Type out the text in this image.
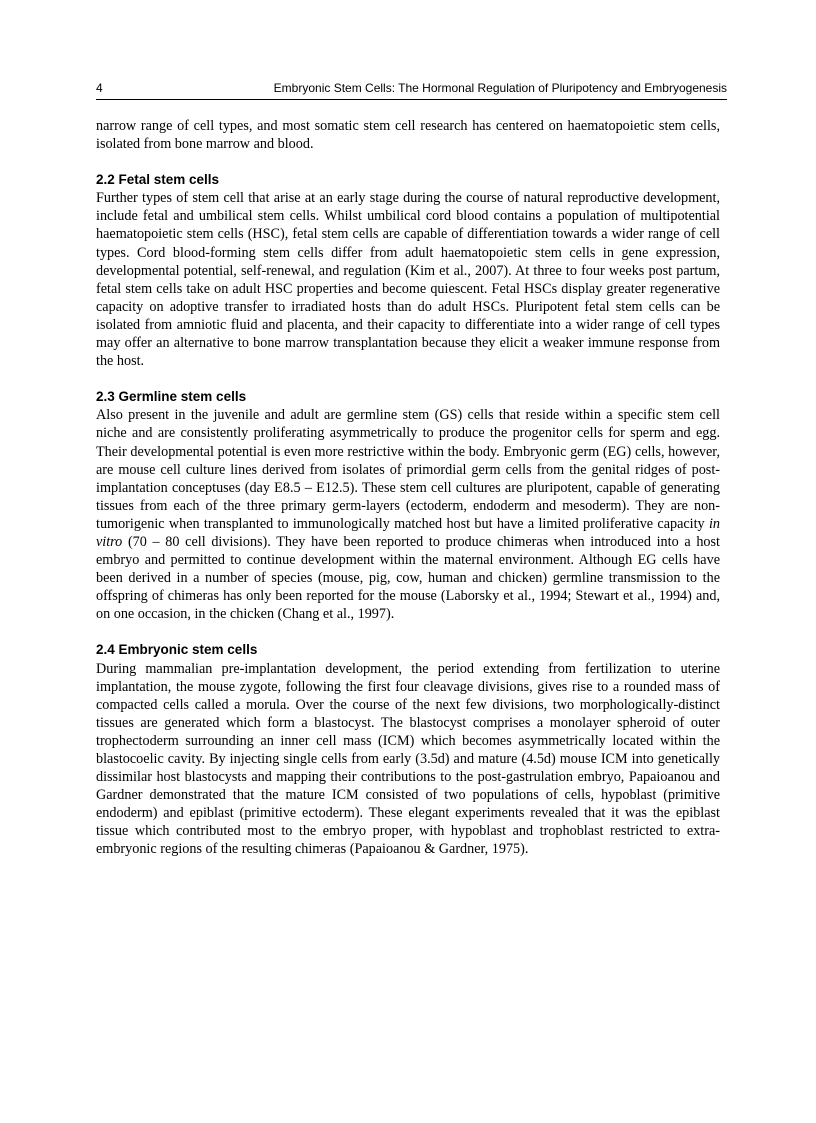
4	Embryonic Stem Cells: The Hormonal Regulation of Pluripotency and Embryogenesis

narrow range of cell types, and most somatic stem cell research has centered on haematopoietic stem cells, isolated from bone marrow and blood.

2.2 Fetal stem cells

Further types of stem cell that arise at an early stage during the course of natural reproductive development, include fetal and umbilical stem cells. Whilst umbilical cord blood contains a population of multipotential haematopoietic stem cells (HSC), fetal stem cells are capable of differentiation towards a wider range of cell types. Cord blood-forming stem cells differ from adult haematopoietic stem cells in gene expression, developmental potential, self-renewal, and regulation (Kim et al., 2007). At three to four weeks post partum, fetal stem cells take on adult HSC properties and become quiescent. Fetal HSCs display greater regenerative capacity on adoptive transfer to irradiated hosts than do adult HSCs. Pluripotent fetal stem cells can be isolated from amniotic fluid and placenta, and their capacity to differentiate into a wider range of cell types may offer an alternative to bone marrow transplantation because they elicit a weaker immune response from the host.

2.3 Germline stem cells

Also present in the juvenile and adult are germline stem (GS) cells that reside within a specific stem cell niche and are consistently proliferating asymmetrically to produce the progenitor cells for sperm and egg. Their developmental potential is even more restrictive within the body. Embryonic germ (EG) cells, however, are mouse cell culture lines derived from isolates of primordial germ cells from the genital ridges of post-implantation conceptuses (day E8.5 – E12.5). These stem cell cultures are pluripotent, capable of generating tissues from each of the three primary germ-layers (ectoderm, endoderm and mesoderm). They are non-tumorigenic when transplanted to immunologically matched host but have a limited proliferative capacity in vitro (70 – 80 cell divisions). They have been reported to produce chimeras when introduced into a host embryo and permitted to continue development within the maternal environment. Although EG cells have been derived in a number of species (mouse, pig, cow, human and chicken) germline transmission to the offspring of chimeras has only been reported for the mouse (Laborsky et al., 1994; Stewart et al., 1994) and, on one occasion, in the chicken (Chang et al., 1997).

2.4 Embryonic stem cells

During mammalian pre-implantation development, the period extending from fertilization to uterine implantation, the mouse zygote, following the first four cleavage divisions, gives rise to a rounded mass of compacted cells called a morula. Over the course of the next few divisions, two morphologically-distinct tissues are generated which form a blastocyst. The blastocyst comprises a monolayer spheroid of outer trophectoderm surrounding an inner cell mass (ICM) which becomes asymmetrically located within the blastocoelic cavity. By injecting single cells from early (3.5d) and mature (4.5d) mouse ICM into genetically dissimilar host blastocysts and mapping their contributions to the post-gastrulation embryo, Papaioanou and Gardner demonstrated that the mature ICM consisted of two populations of cells, hypoblast (primitive endoderm) and epiblast (primitive ectoderm). These elegant experiments revealed that it was the epiblast tissue which contributed most to the embryo proper, with hypoblast and trophoblast restricted to extra-embryonic regions of the resulting chimeras (Papaioanou & Gardner, 1975).
